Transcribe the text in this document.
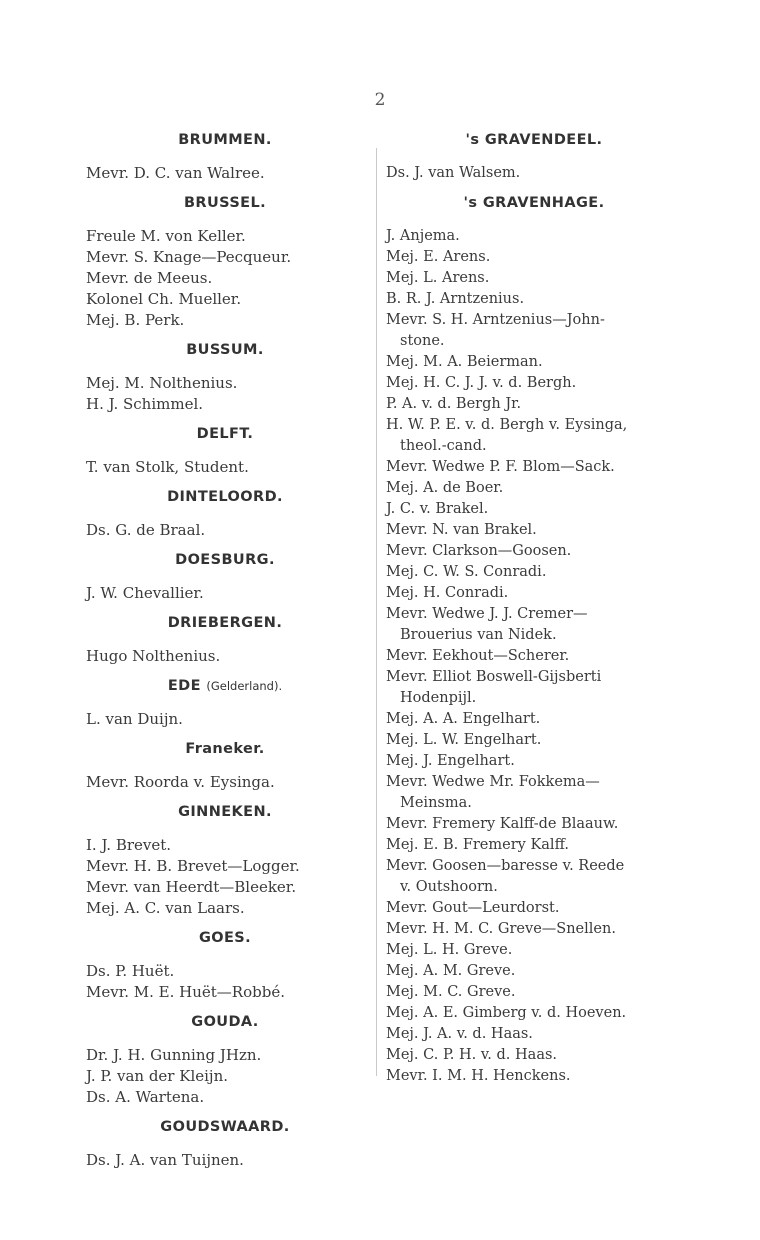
2
BRUMMEN.
Mevr. D. C. van Walree.
BRUSSEL.
Freule M. von Keller.
Mevr. S. Knage—Pecqueur.
Mevr. de Meeus.
Kolonel Ch. Mueller.
Mej. B. Perk.
BUSSUM.
Mej. M. Nolthenius.
H. J. Schimmel.
DELFT.
T. van Stolk, Student.
DINTELOORD.
Ds. G. de Braal.
DOESBURG.
J. W. Chevallier.
DRIEBERGEN.
Hugo Nolthenius.
EDE (Gelderland).
L. van Duijn.
Franeker.
Mevr. Roorda v. Eysinga.
GINNEKEN.
I. J. Brevet.
Mevr. H. B. Brevet—Logger.
Mevr. van Heerdt—Bleeker.
Mej. A. C. van Laars.
GOES.
Ds. P. Huët.
Mevr. M. E. Huët—Robbé.
GOUDA.
Dr. J. H. Gunning JHzn.
J. P. van der Kleijn.
Ds. A. Wartena.
GOUDSWAARD.
Ds. J. A. van Tuijnen.
's GRAVENDEEL.
Ds. J. van Walsem.
's GRAVENHAGE.
J. Anjema.
Mej. E. Arens.
Mej. L. Arens.
B. R. J. Arntzenius.
Mevr. S. H. Arntzenius—John-
stone.
Mej. M. A. Beierman.
Mej. H. C. J. J. v. d. Bergh.
P. A. v. d. Bergh Jr.
H. W. P. E. v. d. Bergh v. Eysinga,
theol.-cand.
Mevr. Wedwe P. F. Blom—Sack.
Mej. A. de Boer.
J. C. v. Brakel.
Mevr. N. van Brakel.
Mevr. Clarkson—Goosen.
Mej. C. W. S. Conradi.
Mej. H. Conradi.
Mevr. Wedwe J. J. Cremer—
Brouerius van Nidek.
Mevr. Eekhout—Scherer.
Mevr. Elliot Boswell-Gijsberti
Hodenpijl.
Mej. A. A. Engelhart.
Mej. L. W. Engelhart.
Mej. J. Engelhart.
Mevr. Wedwe Mr. Fokkema—
Meinsma.
Mevr. Fremery Kalff-de Blaauw.
Mej. E. B. Fremery Kalff.
Mevr. Goosen—baresse v. Reede
v. Outshoorn.
Mevr. Gout—Leurdorst.
Mevr. H. M. C. Greve—Snellen.
Mej. L. H. Greve.
Mej. A. M. Greve.
Mej. M. C. Greve.
Mej. A. E. Gimberg v. d. Hoeven.
Mej. J. A. v. d. Haas.
Mej. C. P. H. v. d. Haas.
Mevr. I. M. H. Henckens.
